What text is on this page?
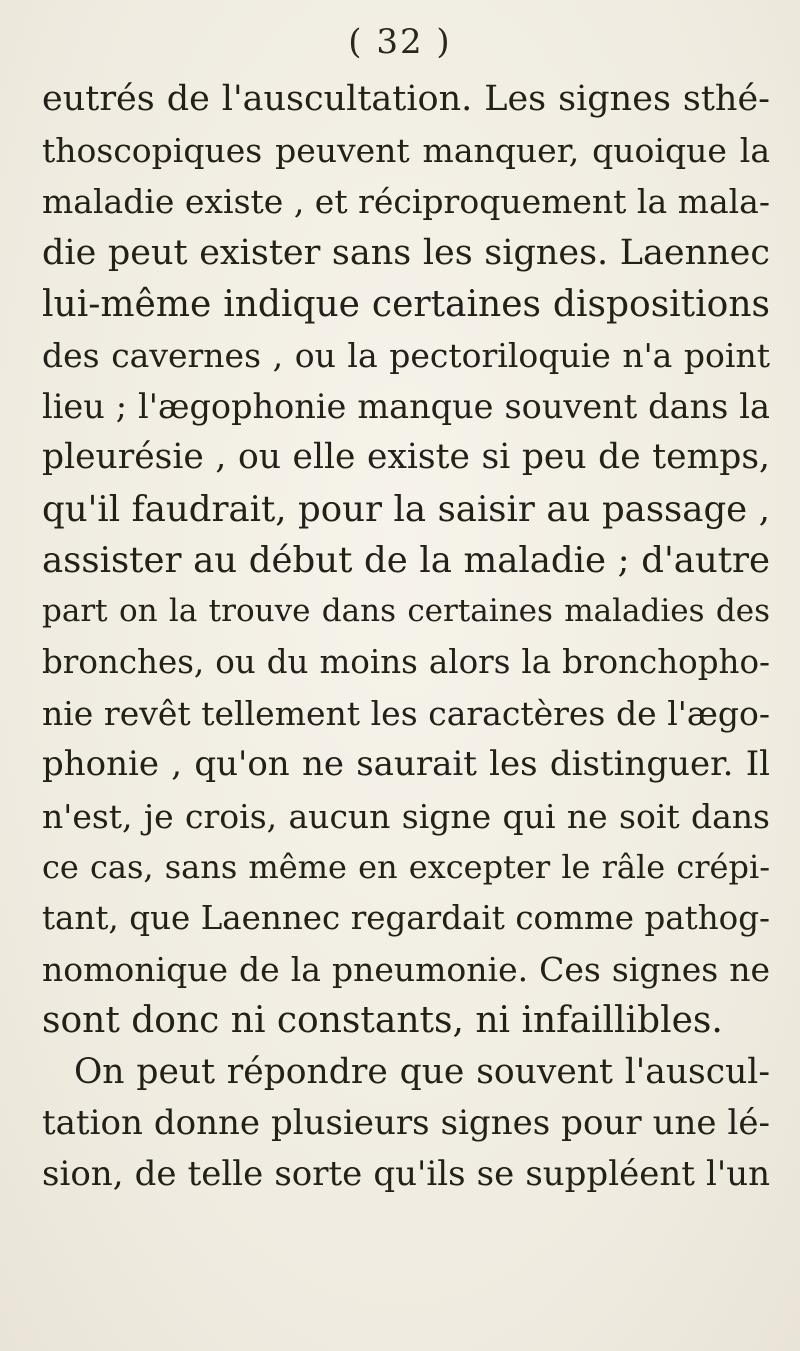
( 32 )
eutrés de l'auscultation. Les signes sthé-
thoscopiques peuvent manquer, quoique la
maladie existe , et réciproquement la mala-
die peut exister sans les signes. Laennec
lui-même indique certaines dispositions
des cavernes , ou la pectoriloquie n'a point
lieu ; l'ægophonie manque souvent dans la
pleurésie , ou elle existe si peu de temps,
qu'il faudrait, pour la saisir au passage ,
assister au début de la maladie ; d'autre
part on la trouve dans certaines maladies des
bronches, ou du moins alors la bronchopho-
nie revêt tellement les caractères de l'ægo-
phonie , qu'on ne saurait les distinguer. Il
n'est, je crois, aucun signe qui ne soit dans
ce cas, sans même en excepter le râle crépi-
tant, que Laennec regardait comme pathog-
nomonique de la pneumonie. Ces signes ne
sont donc ni constants, ni infaillibles.
On peut répondre que souvent l'auscul-
tation donne plusieurs signes pour une lé-
sion, de telle sorte qu'ils se suppléent l'un
